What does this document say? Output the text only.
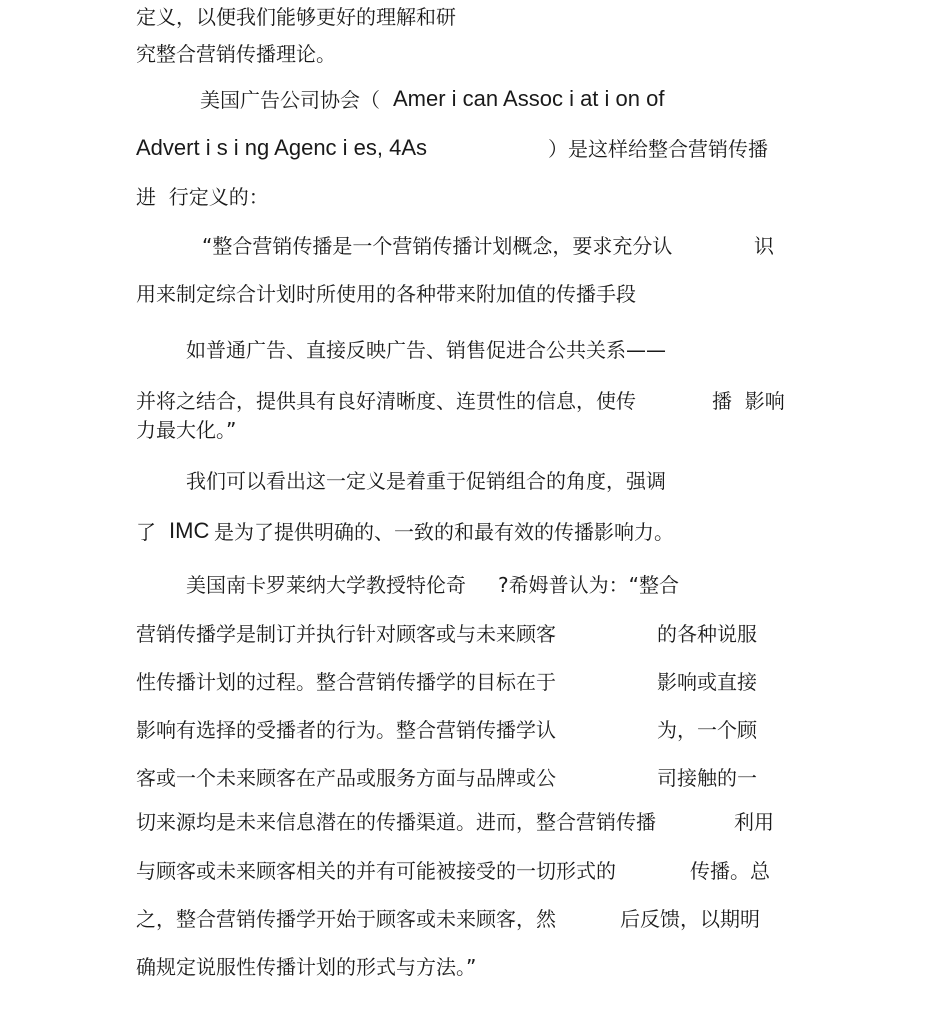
定义，以便我们能够更好的理解和研

究整合营销传播理论。

美国广告公司协会（ Amer i can Assoc i at i on of

Advert i s i ng Agenc i es, 4As	）是这样给整合营销传播

进  行定义的：

“整合营销传播是一个营销传播计划概念，要求充分认	识

用来制定综合计划时所使用的各种带来附加值的传播手段

如普通广告、直接反映广告、销售促进合公共关系——

并将之结合，提供具有良好清晰度、连贯性的信息，使传	播  影响

力最大化。”

我们可以看出这一定义是着重于促销组合的角度，强调

了 IMC 是为了提供明确的、一致的和最有效的传播影响力。

美国南卡罗莱纳大学教授特伦奇 ?希姆普认为：“整合

营销传播学是制订并执行针对顾客或与未来顾客	的各种说服

性传播计划的过程。整合营销传播学的目标在于	影响或直接

影响有选择的受播者的行为。整合营销传播学认	为，一个顾

客或一个未来顾客在产品或服务方面与品牌或公	司接触的一

切来源均是未来信息潜在的传播渠道。进而，整合营销传播	利用

与顾客或未来顾客相关的并有可能被接受的一切形式的	传播。总

之，整合营销传播学开始于顾客或未来顾客，然	后反馈，以期明

确规定说服性传播计划的形式与方法。”
